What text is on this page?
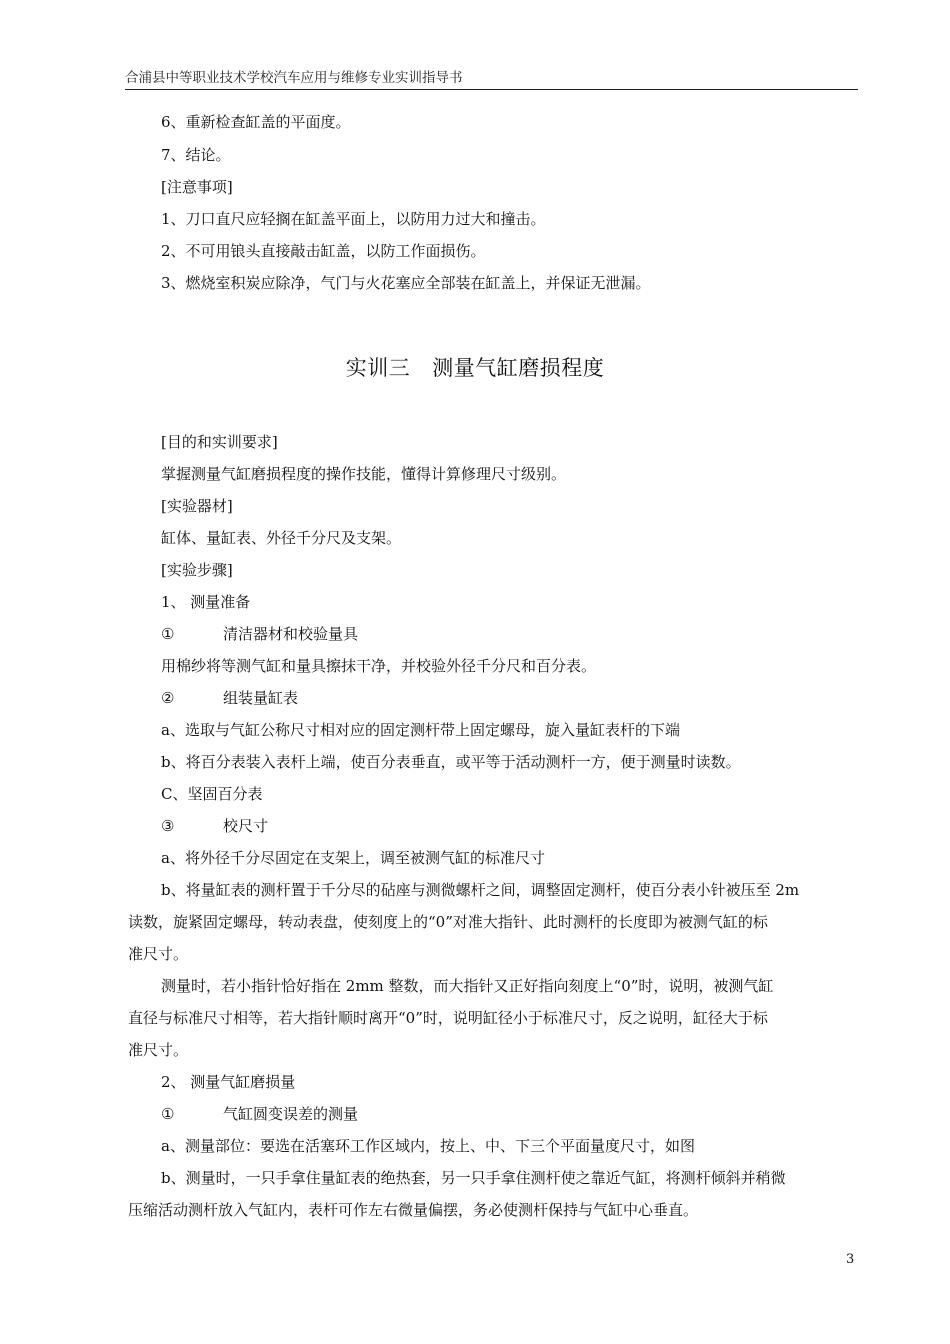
合浦县中等职业技术学校汽车应用与维修专业实训指导书
6、重新检查缸盖的平面度。
7、结论。
[注意事项]
1、刀口直尺应轻搁在缸盖平面上，以防用力过大和撞击。
2、不可用锒头直接敲击缸盖，以防工作面损伤。
3、燃烧室积炭应除净，气门与火花塞应全部装在缸盖上，并保证无泄漏。
实训三 测量气缸磨损程度
[目的和实训要求]
掌握测量气缸磨损程度的操作技能，懂得计算修理尺寸级别。
[实验器材]
缸体、量缸表、外径千分尺及支架。
[实验步骤]
1、 测量准备
①	清洁器材和校验量具
用棉纱将等测气缸和量具擦抹干净，并校验外径千分尺和百分表。
②	组装量缸表
a、选取与气缸公称尺寸相对应的固定测杆带上固定螺母，旋入量缸表杆的下端
b、将百分表装入表杆上端，使百分表垂直，或平等于活动测杆一方，便于测量时读数。
C、坚固百分表
③	校尺寸
a、将外径千分尽固定在支架上，调至被测气缸的标准尺寸
b、将量缸表的测杆置于千分尽的砧座与测微螺杆之间，调整固定测杆，使百分表小针被压至 2m
读数，旋紧固定螺母，转动表盘，使刻度上的“0”对准大指针、此时测杆的长度即为被测气缸的标
准尺寸。
测量时，若小指针恰好指在 2mm 整数，而大指针又正好指向刻度上“0”时，说明，被测气缸
直径与标准尺寸相等，若大指针顺时离开“0”时，说明缸径小于标准尺寸，反之说明，缸径大于标
准尺寸。
2、 测量气缸磨损量
①	气缸圆变误差的测量
a、测量部位：要选在活塞环工作区域内，按上、中、下三个平面量度尺寸，如图
b、测量时，一只手拿住量缸表的绝热套，另一只手拿住测杆使之靠近气缸，将测杆倾斜并稍微
压缩活动测杆放入气缸内，表杆可作左右微量偏摆，务必使测杆保持与气缸中心垂直。
3
